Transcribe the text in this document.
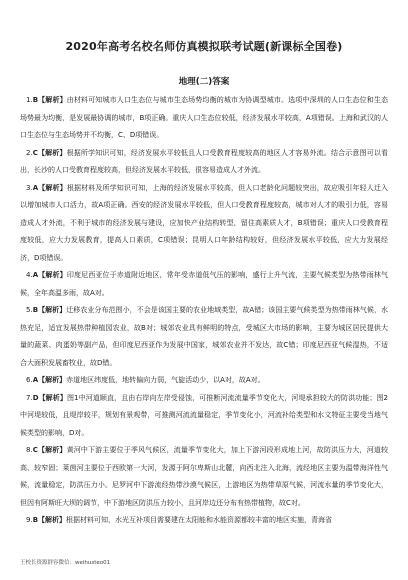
2020年高考名校名师仿真模拟联考试题(新课标全国卷)
地理(二)答案

1.B【解析】由材料可知城市人口生态位与城市生态场势均衡的城市为协调型城市。选项中深圳的人口生态位和生态场势最为均衡，是发展最协调的城市，B项正确。重庆人口生态位较低，经济发展水平较高，A项错误。上海和武汉的人口生态位与生态场势并不均衡，C、D项错误。

2.C【解析】根据所学知识可知，经济发展水平较低且人口受教育程度较高的地区人才容易外流。结合示意图可以看出，长沙的人口受教育程度较高，但经济发展水平较低，很容易造成人才外流。

3.A【解析】根据材料及所学知识可知，上海的经济发展水平较高，但人口老龄化问题较突出，故应吸引年轻人迁入以增加城市人口活力，故A项正确。西安的经济发展水平较低，但人口受教育程度较高，城市对人才的吸引力低，容易造成人才外流，不利于城市的经济发展与建设，应加快产业结构转型，留住高素质人才，B项错误；重庆人口受教育程度较低，应大力发展教育，提高人口素质，C项错误；昆明人口年龄结构较好，但经济发展水平较低，应大力发展经济，D项错误。

4.A【解析】印度尼西亚位于赤道附近地区，常年受赤道低气压的影响，盛行上升气流，主要气候类型为热带雨林气候，全年高温多雨，故A对。

5.B【解析】迁移农业分布范围小，不会是该国主要的农业地域类型，故A错；该国主要气候类型为热带雨林气候，水热充足，适宜发展热带种植园农业，故B对；城郊农业具有鲜明的特点，受城区大市场的影响，主要为城区居民提供大量的蔬菜、肉蛋奶等副产品，但印度尼西亚作为发展中国家，城郊农业并不发达，故C错；印度尼西亚气候湿热，不适合大面积发展畜牧业，故D错。

6.A【解析】赤道地区纬度低，地转偏向力弱，气旋活动少，以A对，故A对。

7.D【解析】图1中河道顺直，且由右岸向左岸受侵蚀，可推断河流流量季节变化大，河堤承担较大的防洪功能；图2中河堤较低，且堤岸较平，规划有景观带，可推测河流流量稳定，季节变化小，河流补给类型和水文特征主要受当地气候类型的影响，D对。

8.C【解析】黄河中下游主要位于季风气候区，流量季节变化大，加上下游河段形成地上河，故防洪压力大，河道较高、较窄固；莱茵河主要位于西欧第一大河，发源于阿尔卑斯山北麓，向西北注入北海，流经地区主要为温带海洋性气候，流量稳定，防洪压力小。尼罗河中下游流经热带沙漠气候区，上游地区为热带草原气候，河流水量的季节变化大，但因有阿斯旺大坝的调节，中下游地区防洪压力较小，且河岸边还分布有热带植物，故C对。

9.B【解析】根据材料可知，水光互补项目需要建在太阳能和水能资源都较丰富的地区实施，青海省

王校长资源群容微信：weihusteo01
